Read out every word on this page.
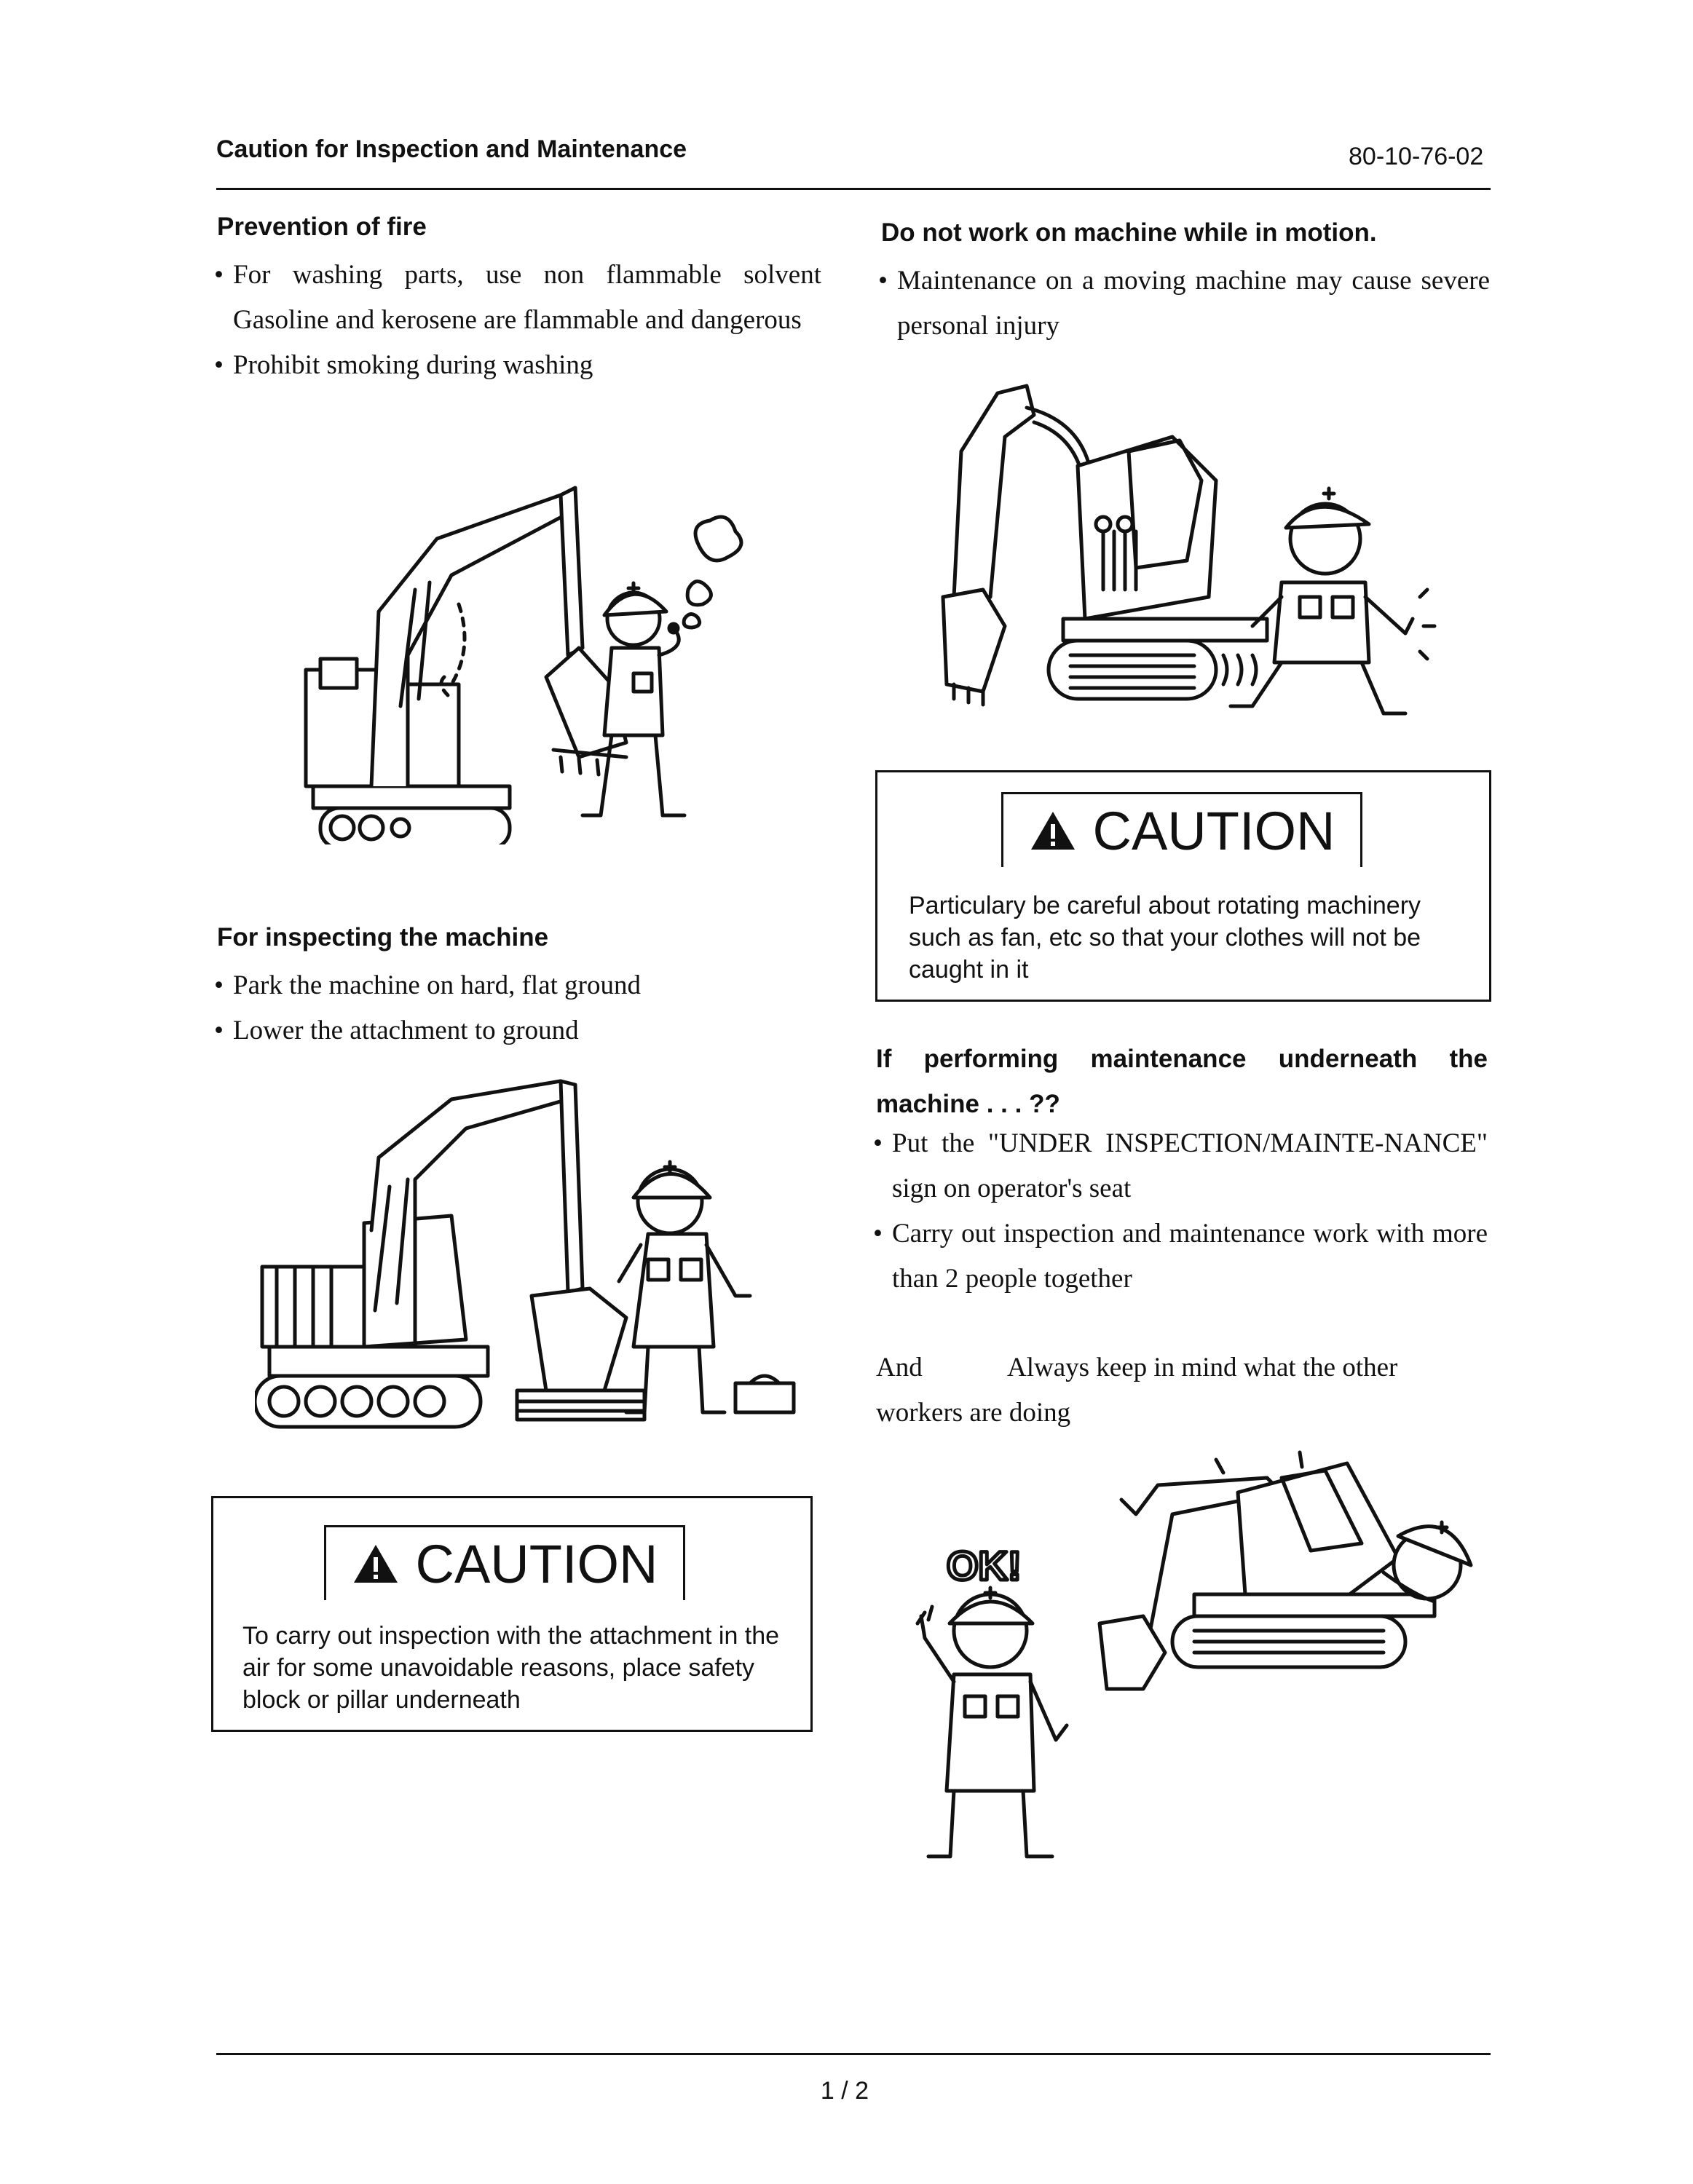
Caution for Inspection and Maintenance	80-10-76-02
Prevention of fire
• For washing parts, use non flammable solvent Gasoline and kerosene are flammable and dangerous
• Prohibit smoking during washing
For inspecting the machine
• Park the machine on hard, flat ground
• Lower the attachment to ground
CAUTION
To carry out inspection with the attachment in the air for some unavoidable reasons, place safety block or pillar underneath
Do not work on machine while in motion.
• Maintenance on a moving machine may cause severe personal injury
CAUTION
Particulary be careful about rotating machinery such as fan, etc so that your clothes will not be caught in it
If performing maintenance underneath the machine . . . ??
• Put the "UNDER INSPECTION/MAINTE-NANCE" sign on operator's seat
• Carry out inspection and maintenance work with more than 2 people together
And	Always keep in mind what the other workers are doing
OK!
1 / 2
